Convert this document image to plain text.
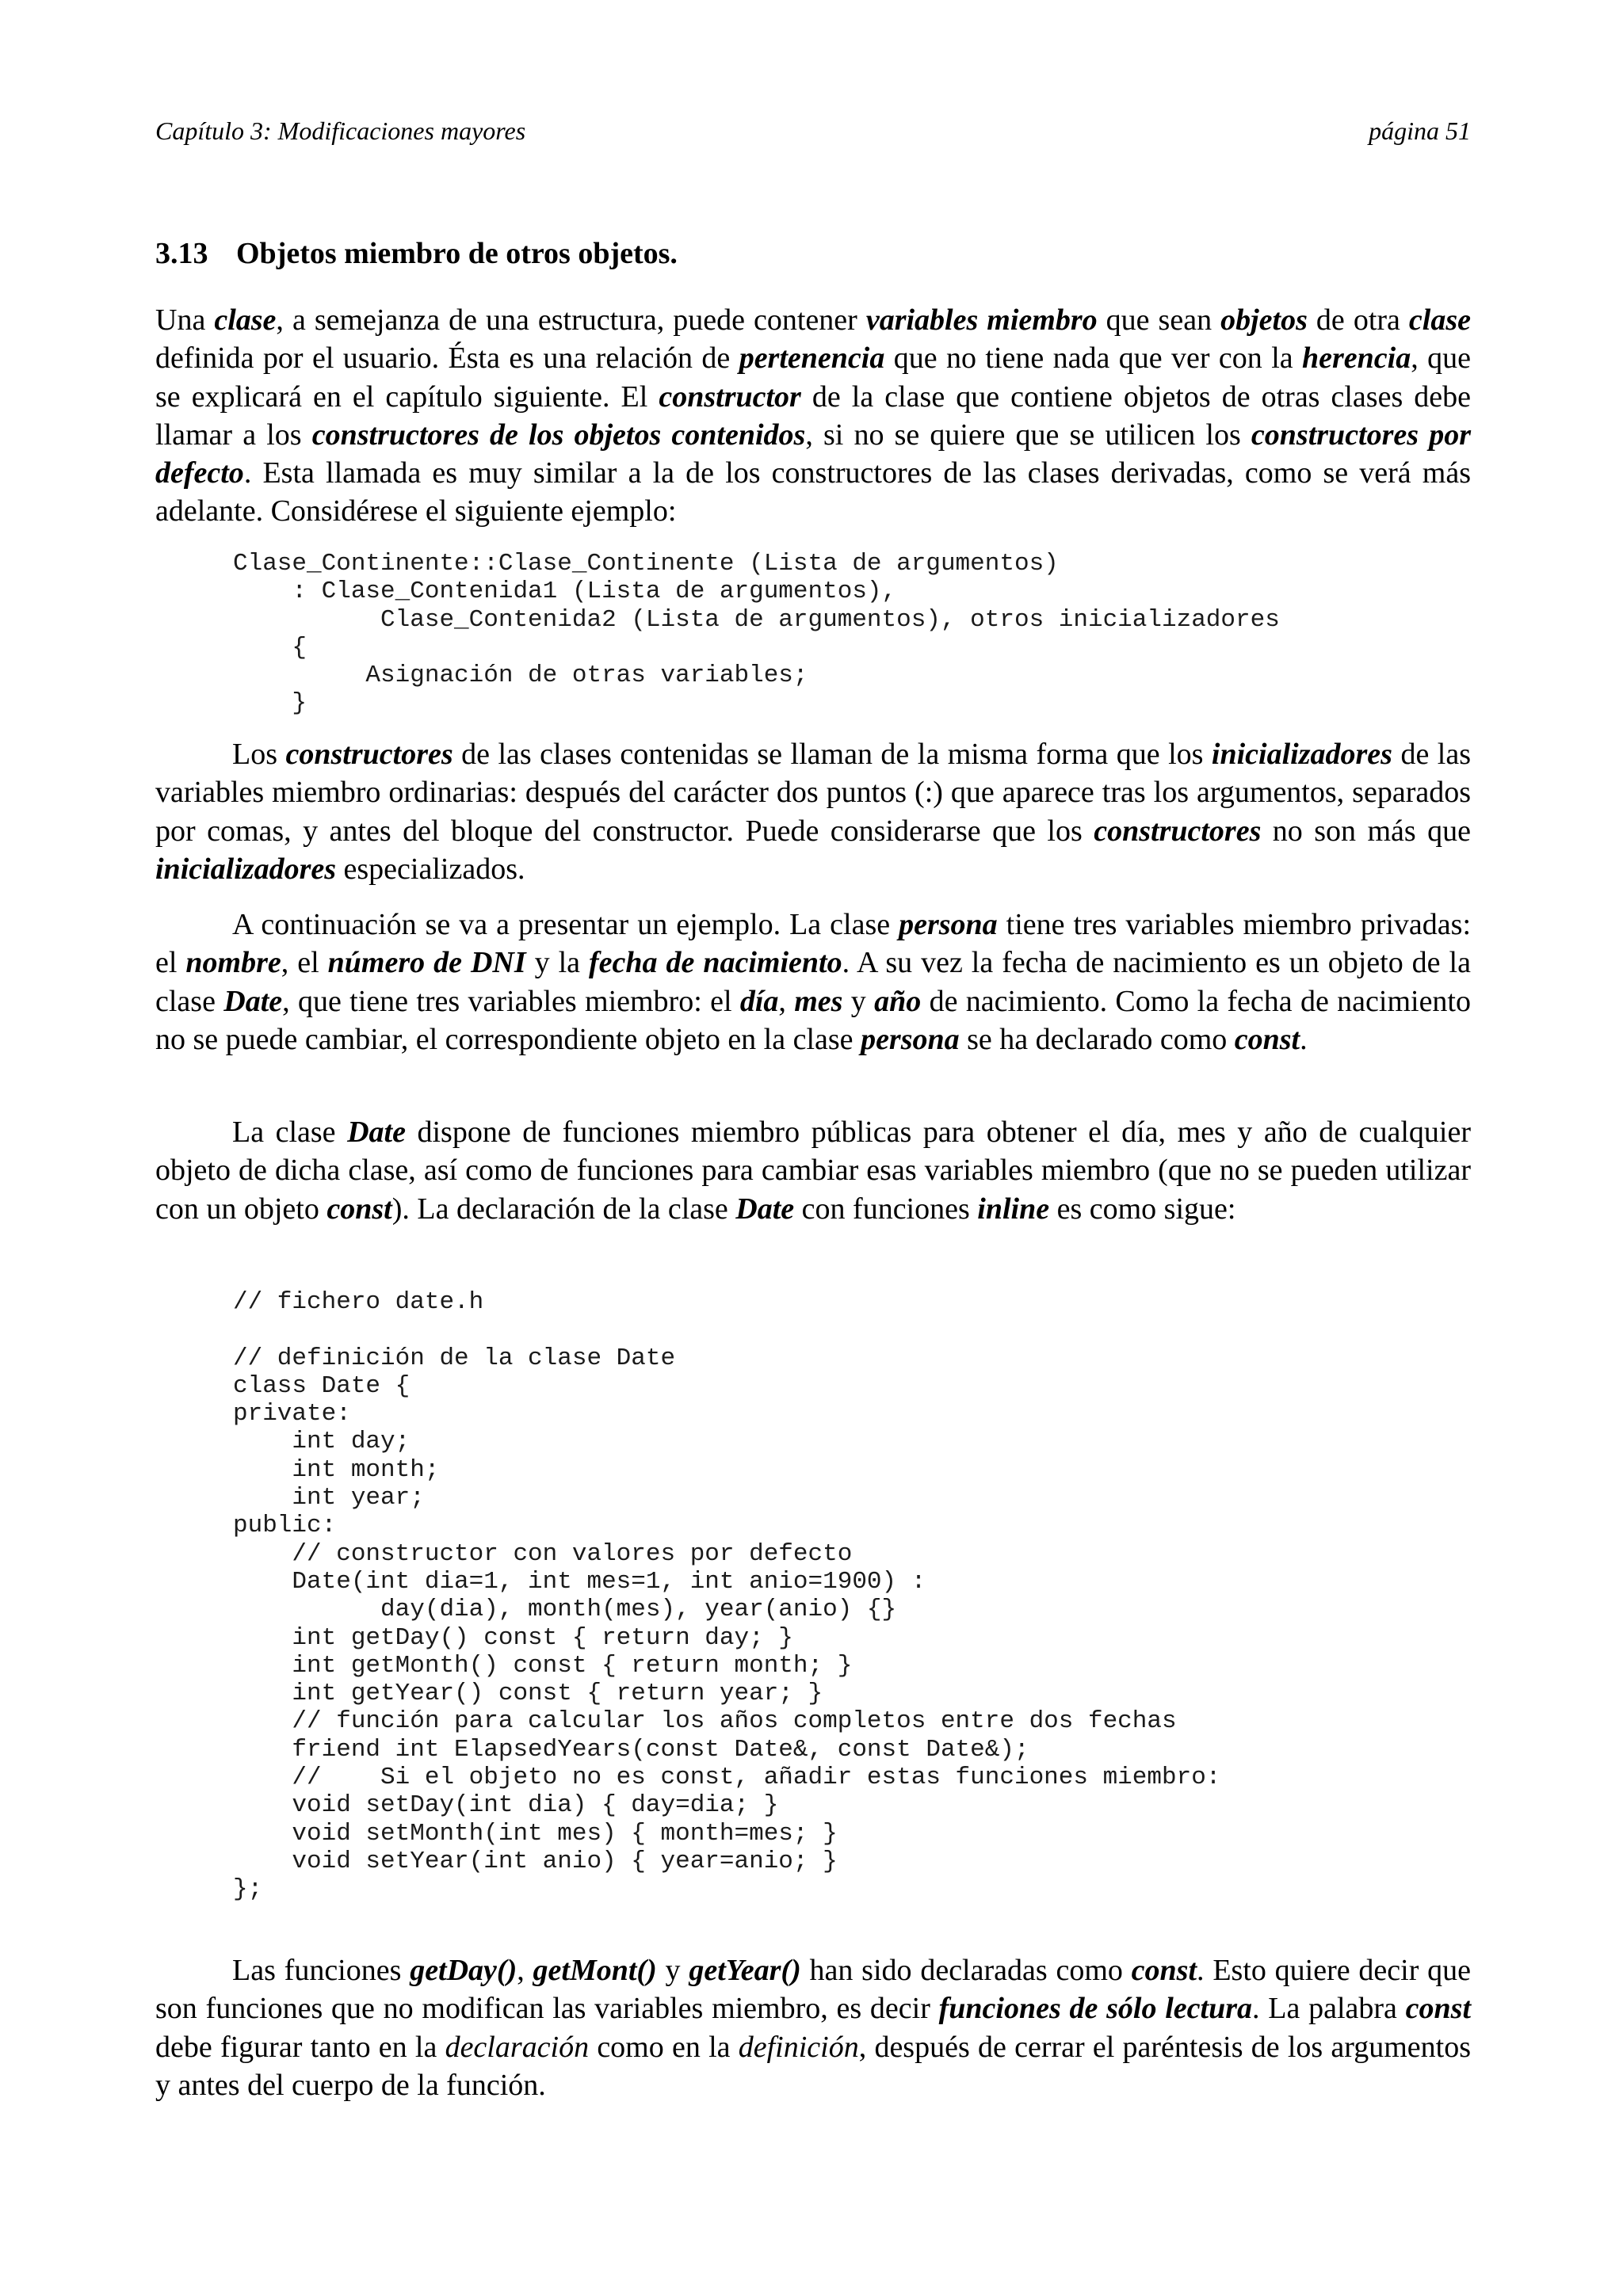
Capítulo 3: Modificaciones mayores	página 51
3.13 Objetos miembro de otros objetos.

Una clase, a semejanza de una estructura, puede contener variables miembro que sean objetos de otra clase definida por el usuario. Ésta es una relación de pertenencia que no tiene nada que ver con la herencia, que se explicará en el capítulo siguiente. El constructor de la clase que contiene objetos de otras clases debe llamar a los constructores de los objetos contenidos, si no se quiere que se utilicen los constructores por defecto. Esta llamada es muy similar a la de los constructores de las clases derivadas, como se verá más adelante. Considérese el siguiente ejemplo:

Clase_Continente::Clase_Continente (Lista de argumentos)
: Clase_Contenida1 (Lista de argumentos),
Clase_Contenida2 (Lista de argumentos), otros inicializadores
{
Asignación de otras variables;
}

Los constructores de las clases contenidas se llaman de la misma forma que los inicializadores de las variables miembro ordinarias: después del carácter dos puntos (:) que aparece tras los argumentos, separados por comas, y antes del bloque del constructor. Puede considerarse que los constructores no son más que inicializadores especializados.

A continuación se va a presentar un ejemplo. La clase persona tiene tres variables miembro privadas: el nombre, el número de DNI y la fecha de nacimiento. A su vez la fecha de nacimiento es un objeto de la clase Date, que tiene tres variables miembro: el día, mes y año de nacimiento. Como la fecha de nacimiento no se puede cambiar, el correspondiente objeto en la clase persona se ha declarado como const.

La clase Date dispone de funciones miembro públicas para obtener el día, mes y año de cualquier objeto de dicha clase, así como de funciones para cambiar esas variables miembro (que no se pueden utilizar con un objeto const). La declaración de la clase Date con funciones inline es como sigue:

// fichero date.h

// definición de la clase Date
class Date {
private:
int day;
int month;
int year;
public:
// constructor con valores por defecto
Date(int dia=1, int mes=1, int anio=1900) :
day(dia), month(mes), year(anio) {}
int getDay() const { return day; }
int getMonth() const { return month; }
int getYear() const { return year; }
// función para calcular los años completos entre dos fechas
friend int ElapsedYears(const Date&, const Date&);
//    Si el objeto no es const, añadir estas funciones miembro:
void setDay(int dia) { day=dia; }
void setMonth(int mes) { month=mes; }
void setYear(int anio) { year=anio; }
};

Las funciones getDay(), getMont() y getYear() han sido declaradas como const. Esto quiere decir que son funciones que no modifican las variables miembro, es decir funciones de sólo lectura. La palabra const debe figurar tanto en la declaración como en la definición, después de cerrar el paréntesis de los argumentos y antes del cuerpo de la función.
